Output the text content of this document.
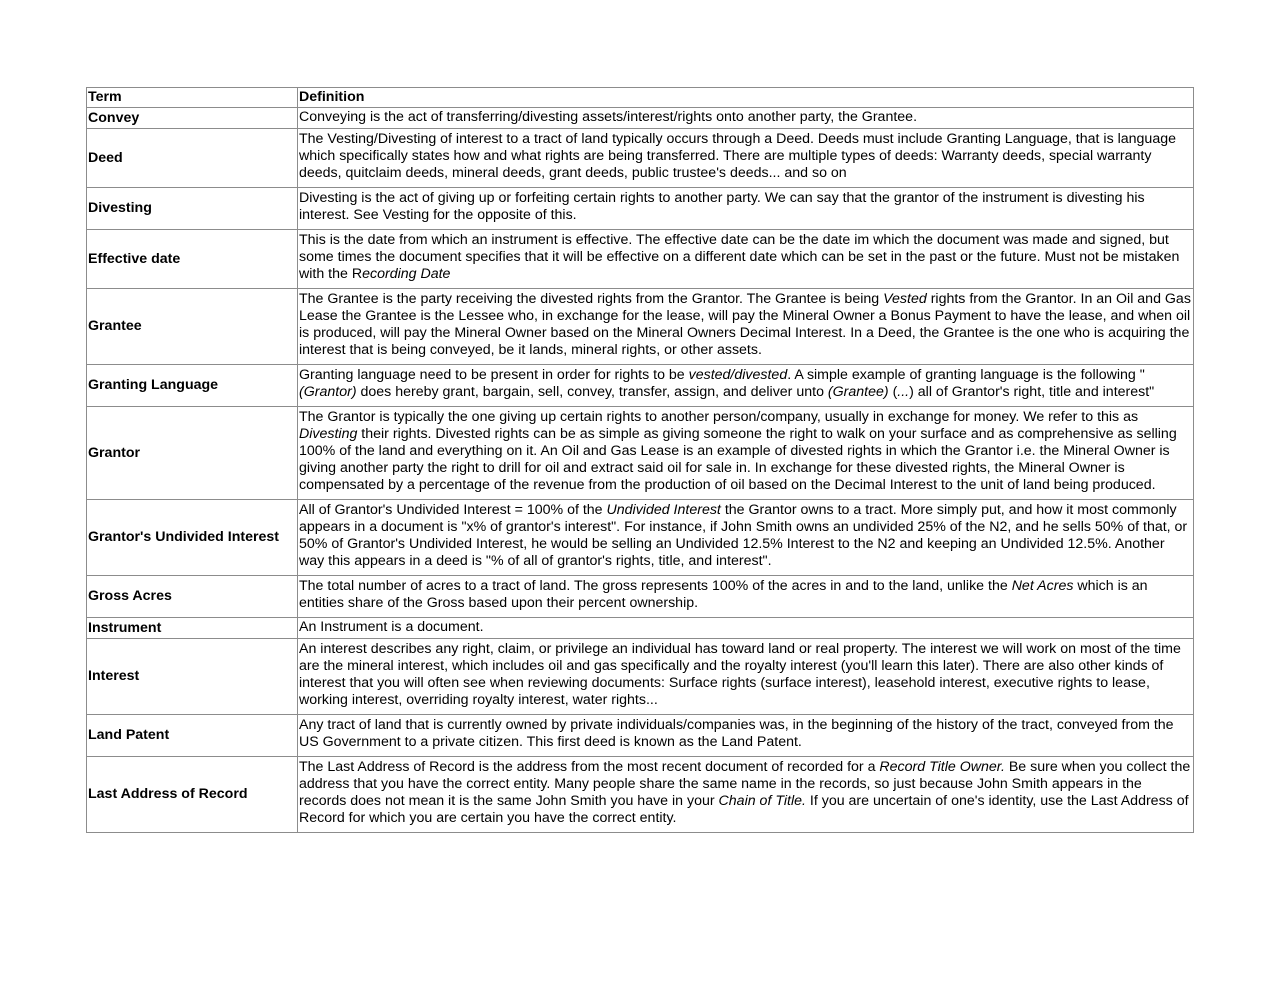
Term	Definition
Convey	Conveying is the act of transferring/divesting assets/interest/rights onto another party, the Grantee.
Deed	The Vesting/Divesting of interest to a tract of land typically occurs through a Deed. Deeds must include Granting Language, that is language which specifically states how and what rights are being transferred. There are multiple types of deeds: Warranty deeds, special warranty deeds, quitclaim deeds, mineral deeds, grant deeds, public trustee's deeds... and so on
Divesting	Divesting is the act of giving up or forfeiting certain rights to another party. We can say that the grantor of the instrument is divesting his interest. See Vesting for the opposite of this.
Effective date	This is the date from which an instrument is effective. The effective date can be the date im which the document was made and signed, but some times the document specifies that it will be effective on a different date which can be set in the past or the future. Must not be mistaken with the Recording Date
Grantee	The Grantee is the party receiving the divested rights from the Grantor. The Grantee is being Vested rights from the Grantor. In an Oil and Gas Lease the Grantee is the Lessee who, in exchange for the lease, will pay the Mineral Owner a Bonus Payment to have the lease, and when oil is produced, will pay the Mineral Owner based on the Mineral Owners Decimal Interest. In a Deed, the Grantee is the one who is acquiring the interest that is being conveyed, be it lands, mineral rights, or other assets.
Granting Language	Granting language need to be present in order for rights to be vested/divested. A simple example of granting language is the following "(Grantor) does hereby grant, bargain, sell, convey, transfer, assign, and deliver unto (Grantee) (...) all of Grantor's right, title and interest"
Grantor	The Grantor is typically the one giving up certain rights to another person/company, usually in exchange for money. We refer to this as Divesting their rights. Divested rights can be as simple as giving someone the right to walk on your surface and as comprehensive as selling 100% of the land and everything on it. An Oil and Gas Lease is an example of divested rights in which the Grantor i.e. the Mineral Owner is giving another party the right to drill for oil and extract said oil for sale in. In exchange for these divested rights, the Mineral Owner is compensated by a percentage of the revenue from the production of oil based on the Decimal Interest to the unit of land being produced.
Grantor's Undivided Interest	All of Grantor's Undivided Interest = 100% of the Undivided Interest the Grantor owns to a tract. More simply put, and how it most commonly appears in a document is "x% of grantor's interest". For instance, if John Smith owns an undivided 25% of the N2, and he sells 50% of that, or 50% of Grantor's Undivided Interest, he would be selling an Undivided 12.5% Interest to the N2 and keeping an Undivided 12.5%. Another way this appears in a deed is "% of all of grantor's rights, title, and interest".
Gross Acres	The total number of acres to a tract of land. The gross represents 100% of the acres in and to the land, unlike the Net Acres which is an entities share of the Gross based upon their percent ownership.
Instrument	An Instrument is a document.
Interest	An interest describes any right, claim, or privilege an individual has toward land or real property. The interest we will work on most of the time are the mineral interest, which includes oil and gas specifically and the royalty interest (you'll learn this later). There are also other kinds of interest that you will often see when reviewing documents: Surface rights (surface interest), leasehold interest, executive rights to lease, working interest, overriding royalty interest, water rights...
Land Patent	Any tract of land that is currently owned by private individuals/companies was, in the beginning of the history of the tract, conveyed from the US Government to a private citizen. This first deed is known as the Land Patent.
Last Address of Record	The Last Address of Record is the address from the most recent document of recorded for a Record Title Owner. Be sure when you collect the address that you have the correct entity. Many people share the same name in the records, so just because John Smith appears in the records does not mean it is the same John Smith you have in your Chain of Title. If you are uncertain of one's identity, use the Last Address of Record for which you are certain you have the correct entity.
